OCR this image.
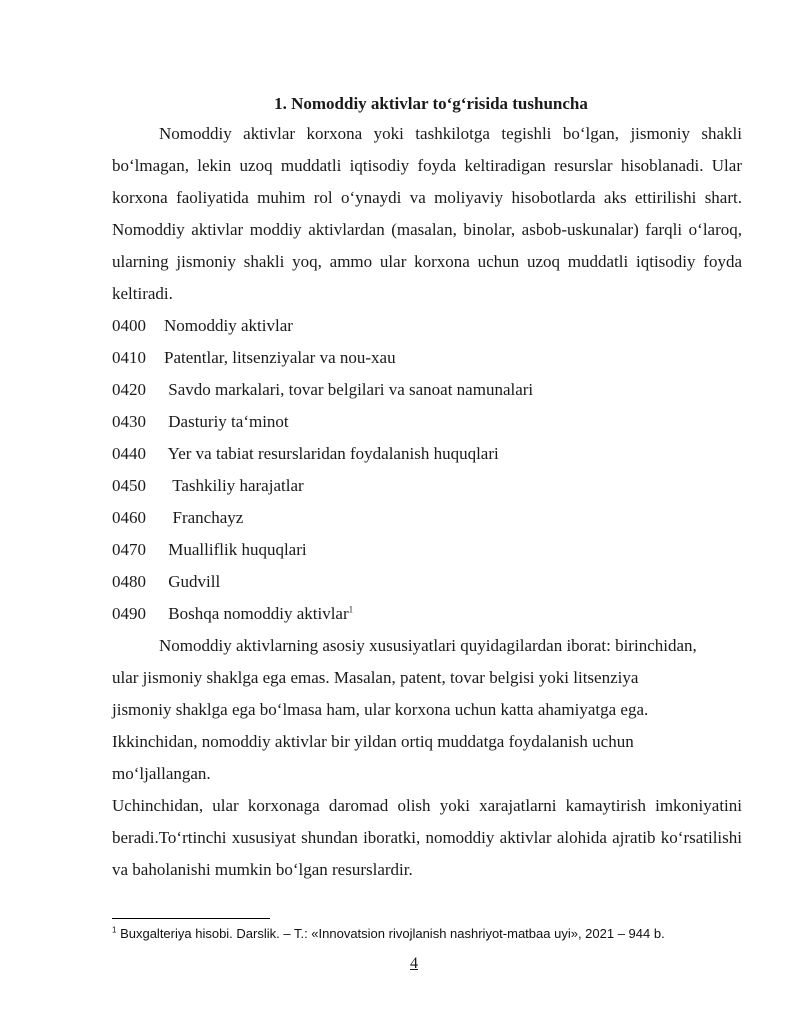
1. Nomoddiy aktivlar to‘g‘risida tushuncha

Nomoddiy aktivlar korxona yoki tashkilotga tegishli bo‘lgan, jismoniy shakli bo‘lmagan, lekin uzoq muddatli iqtisodiy foyda keltiradigan resurslar hisoblanadi. Ular korxona faoliyatida muhim rol o‘ynaydi va moliyaviy hisobotlarda aks ettirilishi shart. Nomoddiy aktivlar moddiy aktivlardan (masalan, binolar, asbob-uskunalar) farqli o‘laroq, ularning jismoniy shakli yoq, ammo ular korxona uchun uzoq muddatli iqtisodiy foyda keltiradi.

0400 Nomoddiy aktivlar
0410 Patentlar, litsenziyalar va nou-xau
0420 Savdo markalari, tovar belgilari va sanoat namunalari
0430 Dasturiy ta‘minot
0440 Yer va tabiat resurslaridan foydalanish huquqlari
0450  Tashkiliy harajatlar
0460  Franchayz
0470 Mualliflik huquqlari
0480 Gudvill
0490 Boshqa nomoddiy aktivlar$^1$
Nomoddiy aktivlarning asosiy xususiyatlari quyidagilardan iborat: birinchidan,
ular jismoniy shaklga ega emas. Masalan, patent, tovar belgisi yoki litsenziya
jismoniy shaklga ega bo‘lmasa ham, ular korxona uchun katta ahamiyatga ega.
Ikkinchidan, nomoddiy aktivlar bir yildan ortiq muddatga foydalanish uchun
mo‘ljallangan.

Uchinchidan, ular korxonaga daromad olish yoki xarajatlarni kamaytirish imkoniyatini beradi.To‘rtinchi xususiyat shundan iboratki, nomoddiy aktivlar alohida ajratib ko‘rsatilishi va baholanishi mumkin bo‘lgan resurslardir.

$^1$ Buxgalteriya hisobi. Darslik. – T.: «Innovatsion rivojlanish nashriyot-matbaa uyi», 2021 – 944 b.
4
